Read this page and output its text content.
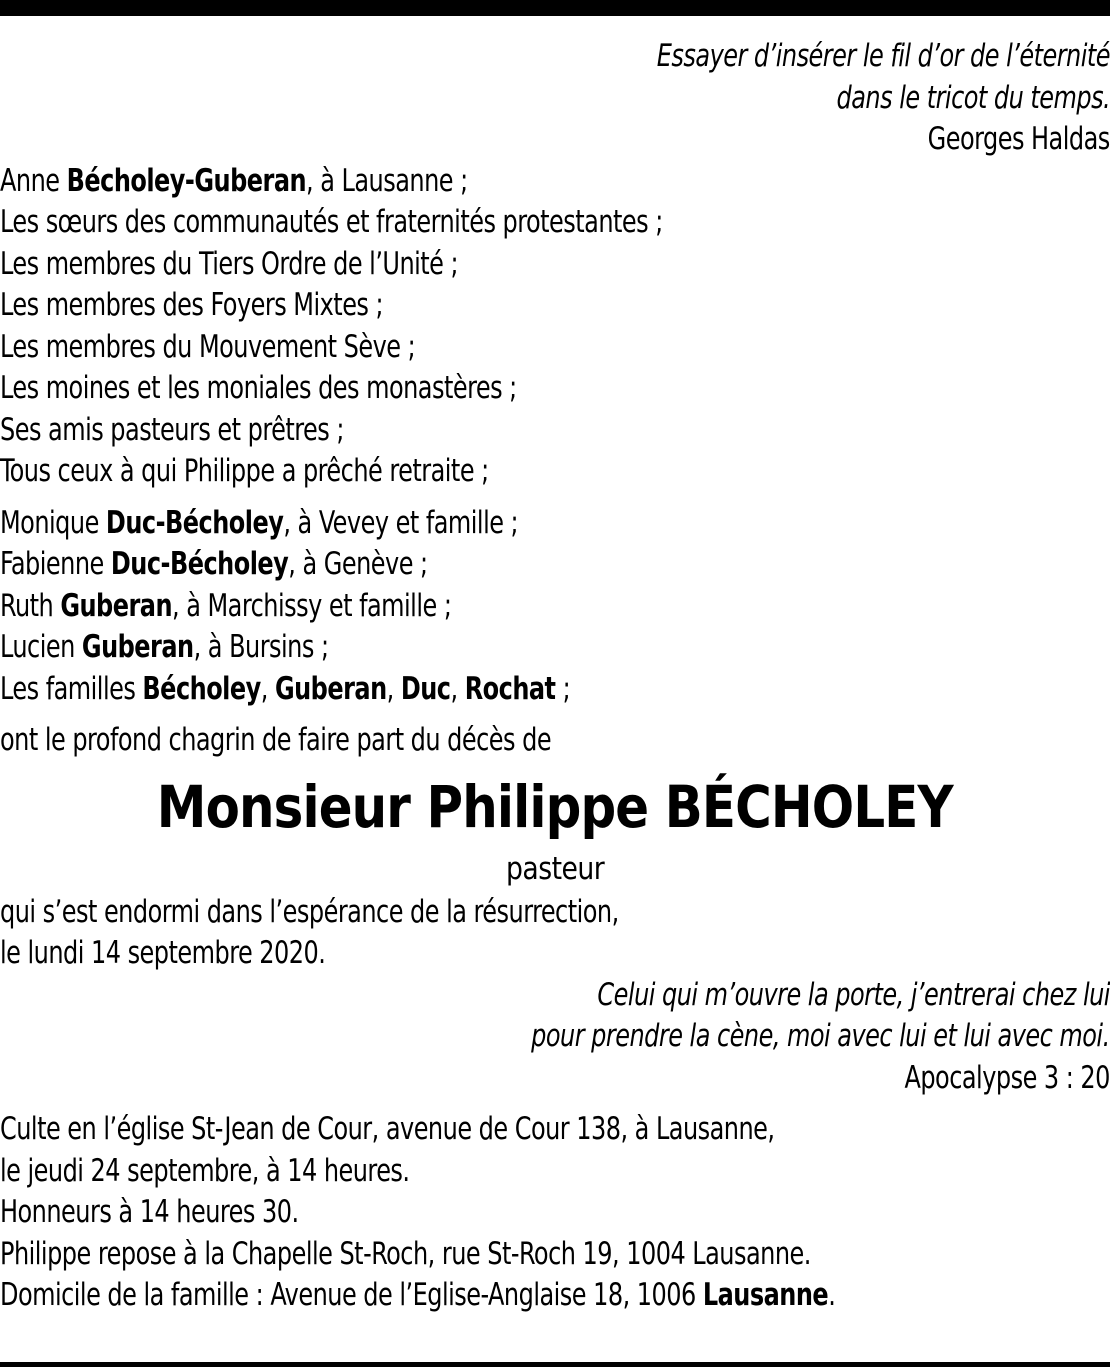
Essayer d’insérer le fil d’or de l’éternité
dans le tricot du temps.
Georges Haldas
Anne Bécholey-Guberan, à Lausanne ;
Les sœurs des communautés et fraternités protestantes ;
Les membres du Tiers Ordre de l’Unité ;
Les membres des Foyers Mixtes ;
Les membres du Mouvement Sève ;
Les moines et les moniales des monastères ;
Ses amis pasteurs et prêtres ;
Tous ceux à qui Philippe a prêché retraite ;
Monique Duc-Bécholey, à Vevey et famille ;
Fabienne Duc-Bécholey, à Genève ;
Ruth Guberan, à Marchissy et famille ;
Lucien Guberan, à Bursins ;
Les familles Bécholey, Guberan, Duc, Rochat ;
ont le profond chagrin de faire part du décès de
Monsieur Philippe BÉCHOLEY
pasteur
qui s’est endormi dans l’espérance de la résurrection,
le lundi 14 septembre 2020.
Celui qui m’ouvre la porte, j’entrerai chez lui
pour prendre la cène, moi avec lui et lui avec moi.
Apocalypse 3 : 20
Culte en l’église St-Jean de Cour, avenue de Cour 138, à Lausanne,
le jeudi 24 septembre, à 14 heures.
Honneurs à 14 heures 30.
Philippe repose à la Chapelle St-Roch, rue St-Roch 19, 1004 Lausanne.
Domicile de la famille : Avenue de l’Eglise-Anglaise 18, 1006 Lausanne.
